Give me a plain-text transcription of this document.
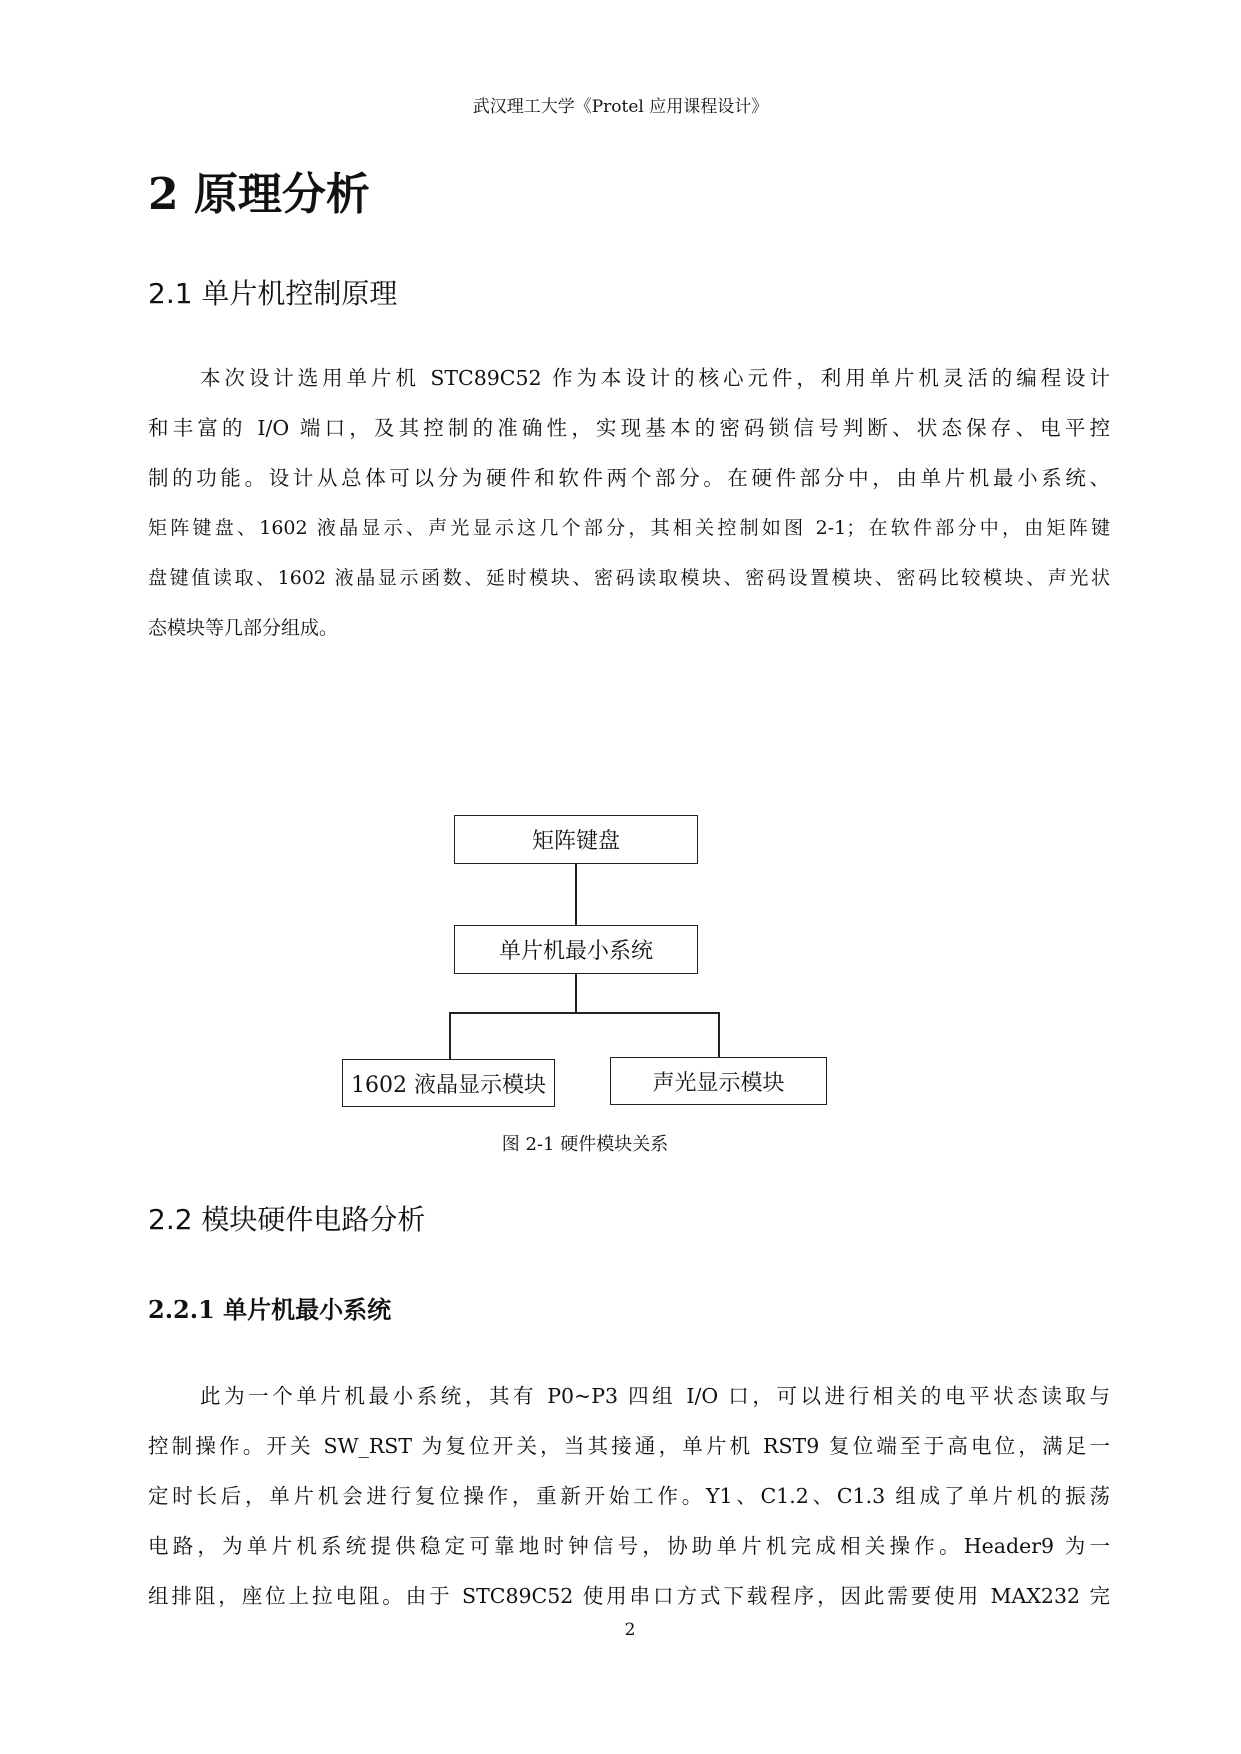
武汉理工大学《Protel 应用课程设计》
2 原理分析
2.1 单片机控制原理

本次设计选用单片机 STC89C52 作为本设计的核心元件，利用单片机灵活的编程设计

和丰富的 I/O 端口，及其控制的准确性，实现基本的密码锁信号判断、状态保存、电平控

制的功能。设计从总体可以分为硬件和软件两个部分。在硬件部分中，由单片机最小系统、

矩阵键盘、1602 液晶显示、声光显示这几个部分，其相关控制如图 2-1；在软件部分中，由矩阵键

盘键值读取、1602 液晶显示函数、延时模块、密码读取模块、密码设置模块、密码比较模块、声光状

态模块等几部分组成。

矩阵键盘
单片机最小系统
1602 液晶显示模块	声光显示模块
图 2-1 硬件模块关系
2.2 模块硬件电路分析
2.2.1 单片机最小系统

此为一个单片机最小系统，其有 P0~P3 四组 I/O 口，可以进行相关的电平状态读取与

控制操作。开关 SW_RST 为复位开关，当其接通，单片机 RST9 复位端至于高电位，满足一

定时长后，单片机会进行复位操作，重新开始工作。Y1、C1.2、C1.3 组成了单片机的振荡

电路，为单片机系统提供稳定可靠地时钟信号，协助单片机完成相关操作。Header9 为一

组排阻，座位上拉电阻。由于 STC89C52 使用串口方式下载程序，因此需要使用 MAX232 完

2
